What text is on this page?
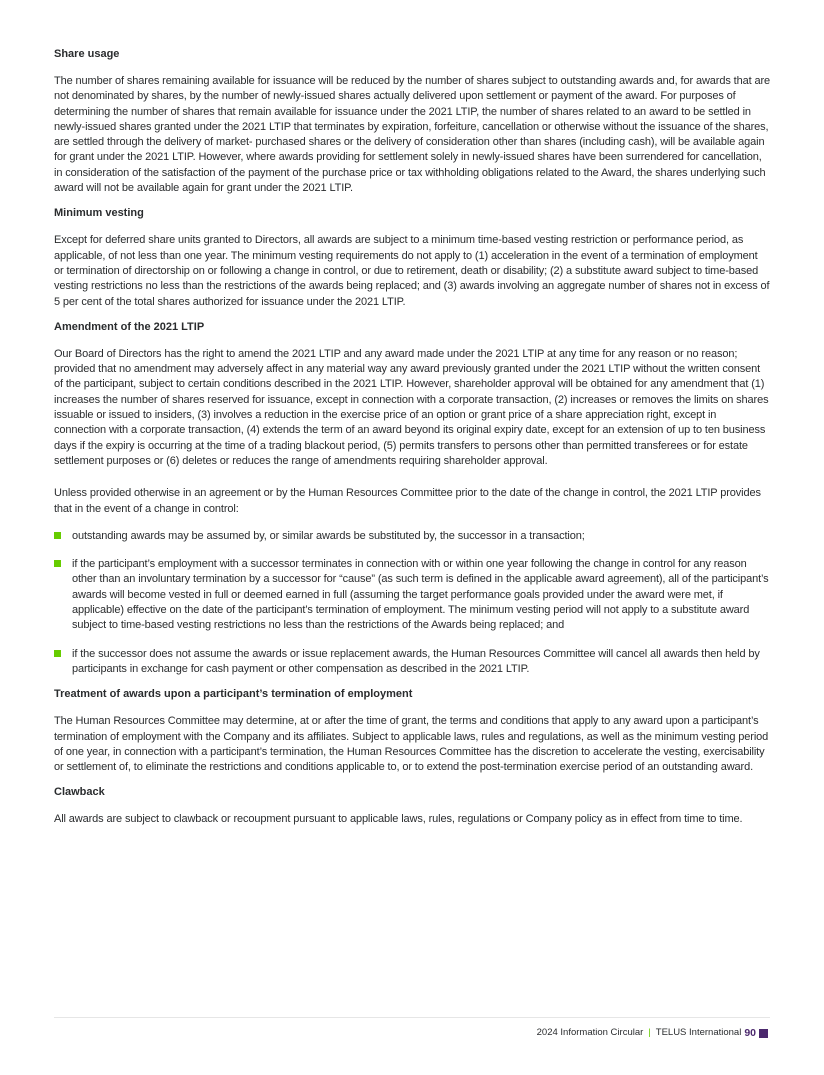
Share usage

The number of shares remaining available for issuance will be reduced by the number of shares subject to outstanding awards and, for awards that are not denominated by shares, by the number of newly-issued shares actually delivered upon settlement or payment of the award. For purposes of determining the number of shares that remain available for issuance under the 2021 LTIP, the number of shares related to an award to be settled in newly-issued shares granted under the 2021 LTIP that terminates by expiration, forfeiture, cancellation or otherwise without the issuance of the shares, are settled through the delivery of market- purchased shares or the delivery of consideration other than shares (including cash), will be available again for grant under the 2021 LTIP. However, where awards providing for settlement solely in newly-issued shares have been surrendered for cancellation, in consideration of the satisfaction of the payment of the purchase price or tax withholding obligations related to the Award, the shares underlying such award will not be available again for grant under the 2021 LTIP.

Minimum vesting

Except for deferred share units granted to Directors, all awards are subject to a minimum time-based vesting restriction or performance period, as applicable, of not less than one year. The minimum vesting requirements do not apply to (1) acceleration in the event of a termination of employment or termination of directorship on or following a change in control, or due to retirement, death or disability; (2) a substitute award subject to time-based vesting restrictions no less than the restrictions of the awards being replaced; and (3) awards involving an aggregate number of shares not in excess of 5 per cent of the total shares authorized for issuance under the 2021 LTIP.

Amendment of the 2021 LTIP

Our Board of Directors has the right to amend the 2021 LTIP and any award made under the 2021 LTIP at any time for any reason or no reason; provided that no amendment may adversely affect in any material way any award previously granted under the 2021 LTIP without the written consent of the participant, subject to certain conditions described in the 2021 LTIP. However, shareholder approval will be obtained for any amendment that (1) increases the number of shares reserved for issuance, except in connection with a corporate transaction, (2) increases or removes the limits on shares issuable or issued to insiders, (3) involves a reduction in the exercise price of an option or grant price of a share appreciation right, except in connection with a corporate transaction, (4) extends the term of an award beyond its original expiry date, except for an extension of up to ten business days if the expiry is occurring at the time of a trading blackout period, (5) permits transfers to persons other than permitted transferees or for estate settlement purposes or (6) deletes or reduces the range of amendments requiring shareholder approval.

Unless provided otherwise in an agreement or by the Human Resources Committee prior to the date of the change in control, the 2021 LTIP provides that in the event of a change in control:

outstanding awards may be assumed by, or similar awards be substituted by, the successor in a transaction;
if the participant’s employment with a successor terminates in connection with or within one year following the change in control for any reason other than an involuntary termination by a successor for “cause” (as such term is defined in the applicable award agreement), all of the participant’s awards will become vested in full or deemed earned in full (assuming the target performance goals provided under the award were met, if applicable) effective on the date of the participant’s termination of employment. The minimum vesting period will not apply to a substitute award subject to time-based vesting restrictions no less than the restrictions of the Awards being replaced; and
if the successor does not assume the awards or issue replacement awards, the Human Resources Committee will cancel all awards then held by participants in exchange for cash payment or other compensation as described in the 2021 LTIP.
Treatment of awards upon a participant’s termination of employment

The Human Resources Committee may determine, at or after the time of grant, the terms and conditions that apply to any award upon a participant’s termination of employment with the Company and its affiliates. Subject to applicable laws, rules and regulations, as well as the minimum vesting period of one year, in connection with a participant’s termination, the Human Resources Committee has the discretion to accelerate the vesting, exercisability or settlement of, to eliminate the restrictions and conditions applicable to, or to extend the post-termination exercise period of an outstanding award.

Clawback

All awards are subject to clawback or recoupment pursuant to applicable laws, rules, regulations or Company policy as in effect from time to time.

2024 Information Circular | TELUS International 90
